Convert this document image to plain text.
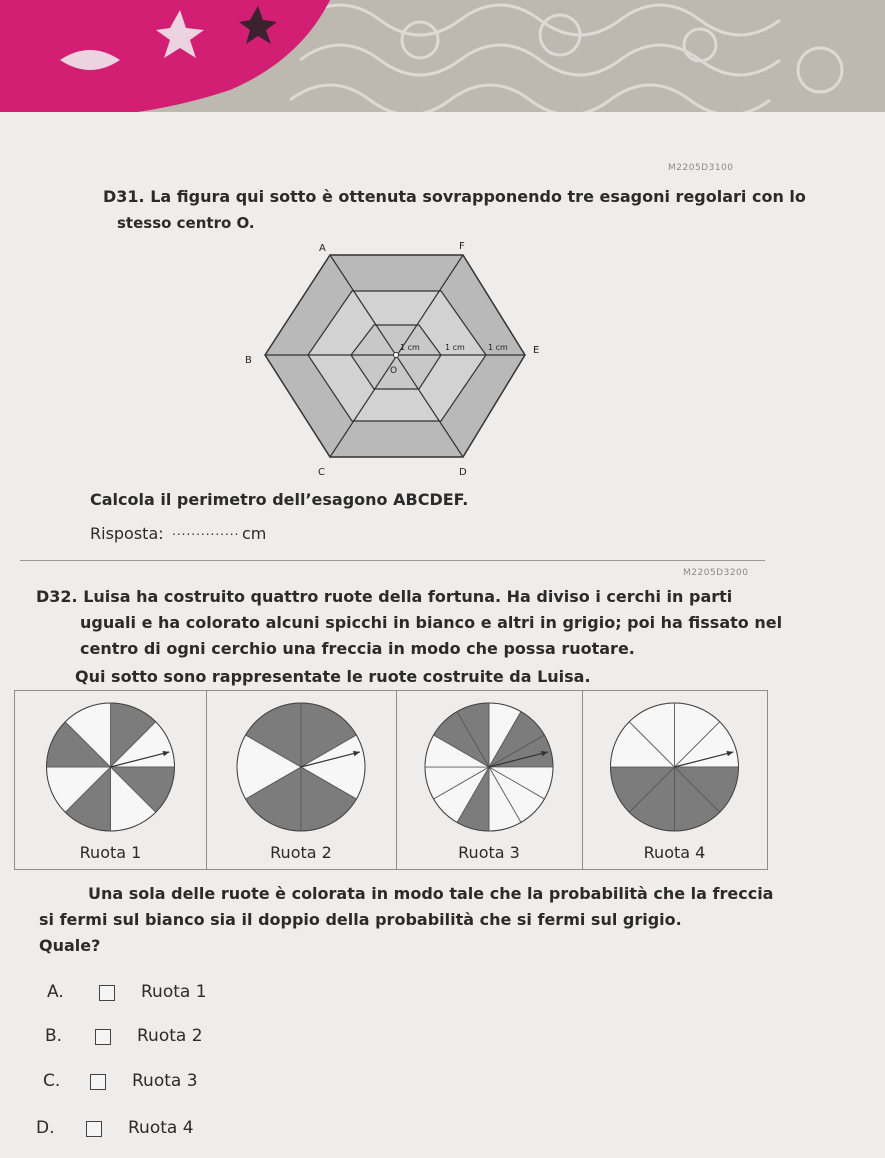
M2205D3100
D31. La figura qui sotto è ottenuta sovrapponendo tre esagoni regolari con lo
stesso centro O.
A	F
E
D
C
B
O
1 cm	1 cm	1 cm
Calcola il perimetro dell’esagono ABCDEF.
Risposta: .............. cm
M2205D3200
D32. Luisa ha costruito quattro ruote della fortuna. Ha diviso i cerchi in parti
uguali e ha colorato alcuni spicchi in bianco e altri in grigio; poi ha fissato nel
centro di ogni cerchio una freccia in modo che possa ruotare.
Qui sotto sono rappresentate le ruote costruite da Luisa.
Ruota 1	Ruota 2	Ruota 3	Ruota 4
Una sola delle ruote è colorata in modo tale che la probabilità che la freccia
si fermi sul bianco sia il doppio della probabilità che si fermi sul grigio.
Quale?
A.	Ruota 1
B.	Ruota 2
C.	Ruota 3
D.	Ruota 4
